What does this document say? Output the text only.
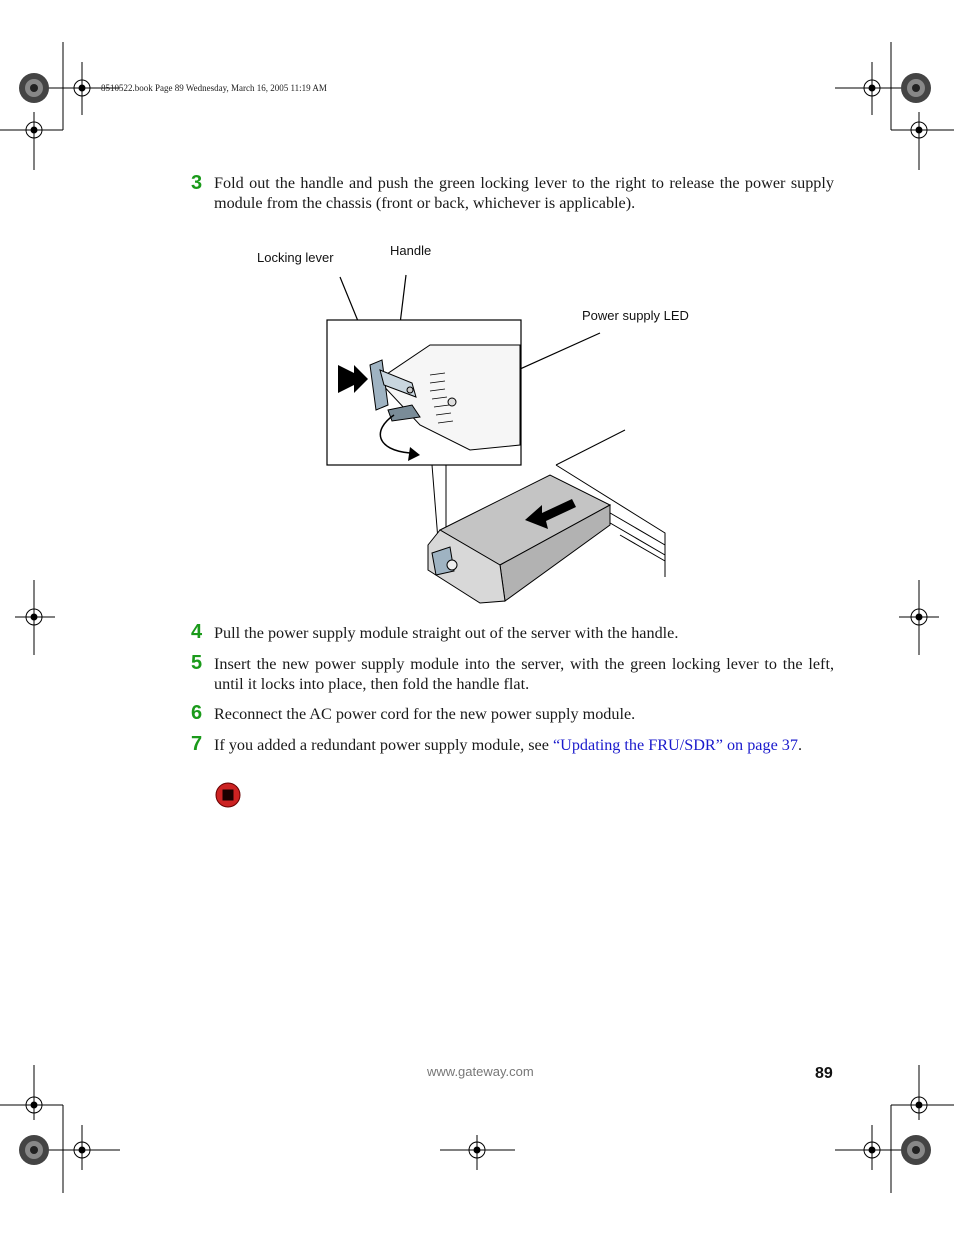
8510522.book Page 89 Wednesday, March 16, 2005 11:19 AM
3 Fold out the handle and push the green locking lever to the right to release the power supply module from the chassis (front or back, whichever is applicable).
Locking lever	Handle
Power supply LED
4 Pull the power supply module straight out of the server with the handle.
5 Insert the new power supply module into the server, with the green locking lever to the left, until it locks into place, then fold the handle flat.
6 Reconnect the AC power cord for the new power supply module.
7 If you added a redundant power supply module, see “Updating the FRU/SDR” on page 37.
www.gateway.com	89
